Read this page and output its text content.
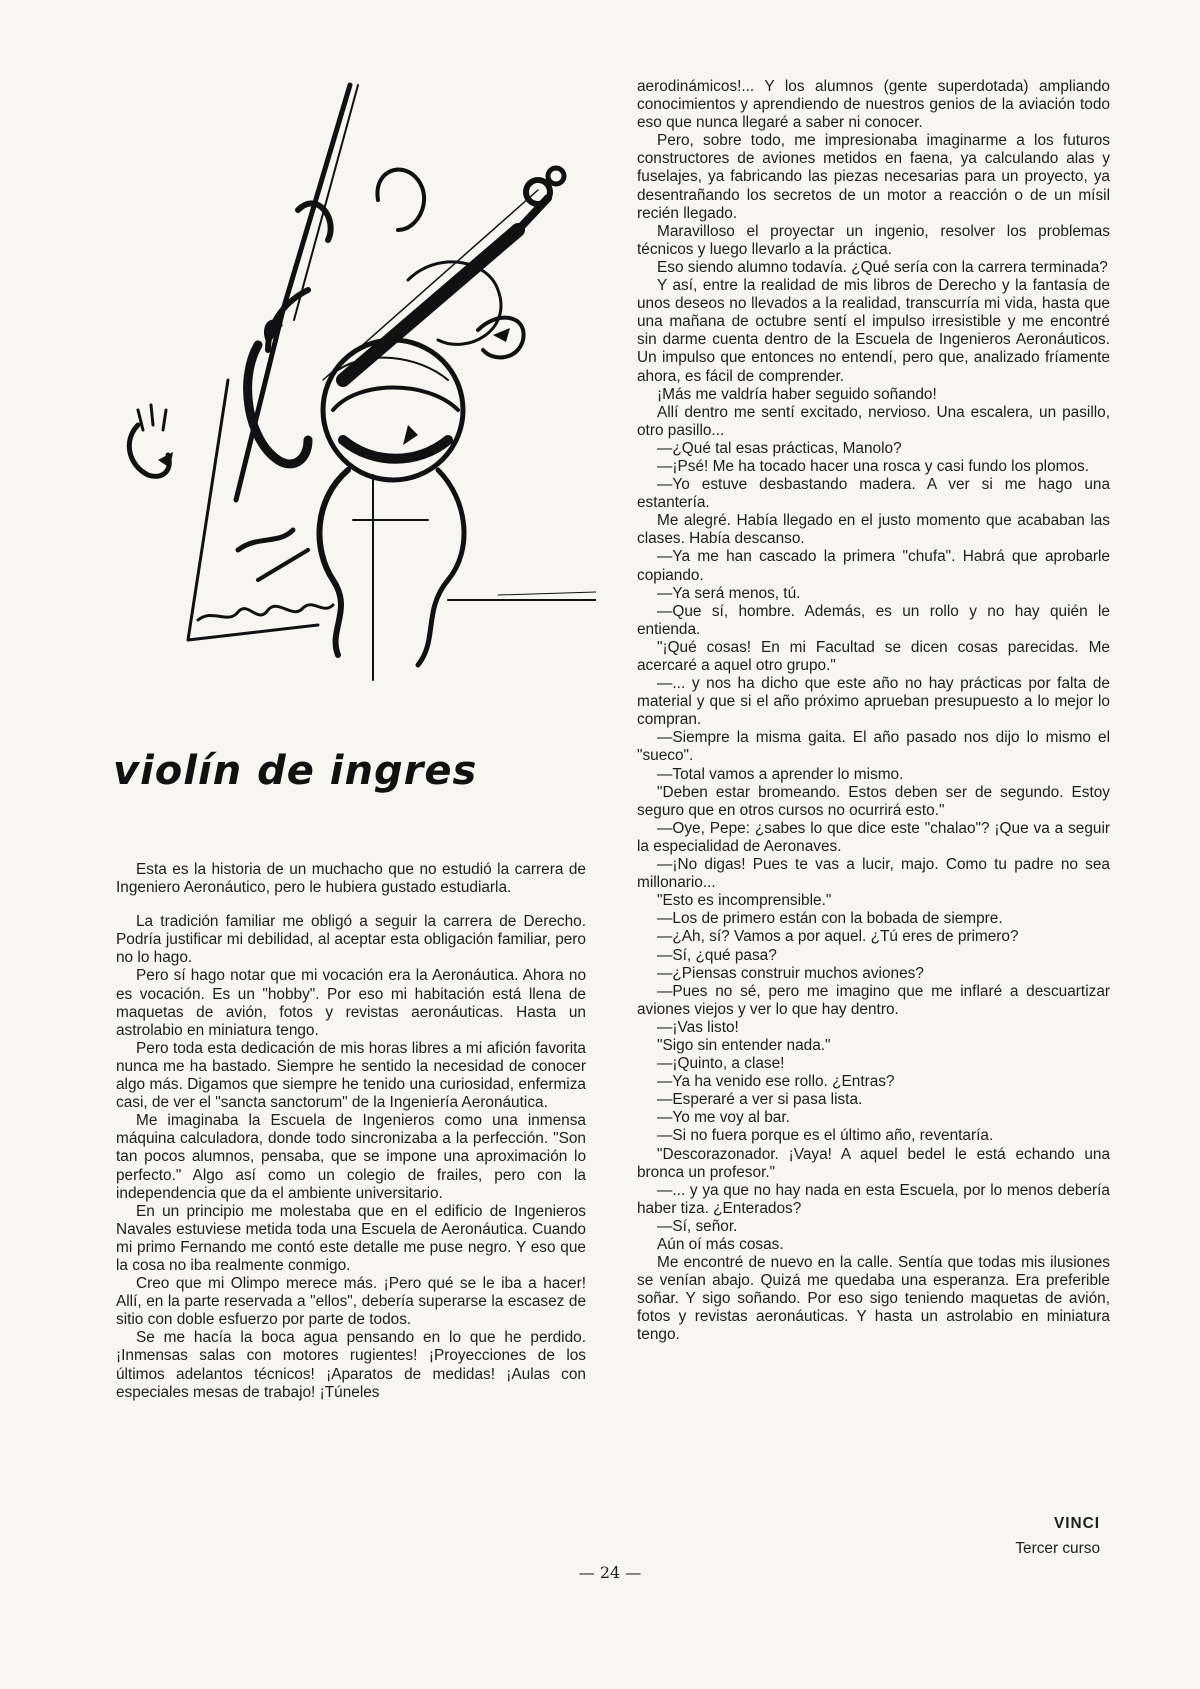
violín de ingres

Esta es la historia de un muchacho que no estudió la carrera de Ingeniero Aeronáutico, pero le hubiera gustado estudiarla.

La tradición familiar me obligó a seguir la carrera de Derecho. Podría justificar mi debilidad, al aceptar esta obligación familiar, pero no lo hago.

Pero sí hago notar que mi vocación era la Aeronáutica. Ahora no es vocación. Es un "hobby". Por eso mi habitación está llena de maquetas de avión, fotos y revistas aeronáuticas. Hasta un astrolabio en miniatura tengo.

Pero toda esta dedicación de mis horas libres a mi afición favorita nunca me ha bastado. Siempre he sentido la necesidad de conocer algo más. Digamos que siempre he tenido una curiosidad, enfermiza casi, de ver el "sancta sanctorum" de la Ingeniería Aeronáutica.

Me imaginaba la Escuela de Ingenieros como una inmensa máquina calculadora, donde todo sincronizaba a la perfección. "Son tan pocos alumnos, pensaba, que se impone una aproximación lo perfecto." Algo así como un colegio de frailes, pero con la independencia que da el ambiente universitario.

En un principio me molestaba que en el edificio de Ingenieros Navales estuviese metida toda una Escuela de Aeronáutica. Cuando mi primo Fernando me contó este detalle me puse negro. Y eso que la cosa no iba realmente conmigo.

Creo que mi Olimpo merece más. ¡Pero qué se le iba a hacer! Allí, en la parte reservada a "ellos", debería superarse la escasez de sitio con doble esfuerzo por parte de todos.

Se me hacía la boca agua pensando en lo que he perdido. ¡Inmensas salas con motores rugientes! ¡Proyecciones de los últimos adelantos técnicos! ¡Aparatos de medidas! ¡Aulas con especiales mesas de trabajo! ¡Túneles

aerodinámicos!... Y los alumnos (gente superdotada) ampliando conocimientos y aprendiendo de nuestros genios de la aviación todo eso que nunca llegaré a saber ni conocer.

Pero, sobre todo, me impresionaba imaginarme a los futuros constructores de aviones metidos en faena, ya calculando alas y fuselajes, ya fabricando las piezas necesarias para un proyecto, ya desentrañando los secretos de un motor a reacción o de un mísil recién llegado.

Maravilloso el proyectar un ingenio, resolver los problemas técnicos y luego llevarlo a la práctica.

Eso siendo alumno todavía. ¿Qué sería con la carrera terminada?

Y así, entre la realidad de mis libros de Derecho y la fantasía de unos deseos no llevados a la realidad, transcurría mi vida, hasta que una mañana de octubre sentí el impulso irresistible y me encontré sin darme cuenta dentro de la Escuela de Ingenieros Aeronáuticos. Un impulso que entonces no entendí, pero que, analizado fríamente ahora, es fácil de comprender.

¡Más me valdría haber seguido soñando!

Allí dentro me sentí excitado, nervioso. Una escalera, un pasillo, otro pasillo...

—¿Qué tal esas prácticas, Manolo?

—¡Psé! Me ha tocado hacer una rosca y casi fundo los plomos.

—Yo estuve desbastando madera. A ver si me hago una estantería.

Me alegré. Había llegado en el justo momento que acababan las clases. Había descanso.

—Ya me han cascado la primera "chufa". Habrá que aprobarle copiando.

—Ya será menos, tú.

—Que sí, hombre. Además, es un rollo y no hay quién le entienda.

"¡Qué cosas! En mi Facultad se dicen cosas parecidas. Me acercaré a aquel otro grupo."

—... y nos ha dicho que este año no hay prácticas por falta de material y que si el año próximo aprueban presupuesto a lo mejor lo compran.

—Siempre la misma gaita. El año pasado nos dijo lo mismo el "sueco".

—Total vamos a aprender lo mismo.

"Deben estar bromeando. Estos deben ser de segundo. Estoy seguro que en otros cursos no ocurrirá esto."

—Oye, Pepe: ¿sabes lo que dice este "chalao"? ¡Que va a seguir la especialidad de Aeronaves.

—¡No digas! Pues te vas a lucir, majo. Como tu padre no sea millonario...

"Esto es incomprensible."

—Los de primero están con la bobada de siempre.

—¿Ah, sí? Vamos a por aquel. ¿Tú eres de primero?

—Sí, ¿qué pasa?

—¿Piensas construir muchos aviones?

—Pues no sé, pero me imagino que me inflaré a descuartizar aviones viejos y ver lo que hay dentro.

—¡Vas listo!

"Sigo sin entender nada."

—¡Quinto, a clase!

—Ya ha venido ese rollo. ¿Entras?

—Esperaré a ver si pasa lista.

—Yo me voy al bar.

—Si no fuera porque es el último año, reventaría.

"Descorazonador. ¡Vaya! A aquel bedel le está echando una bronca un profesor."

—... y ya que no hay nada en esta Escuela, por lo menos debería haber tiza. ¿Enterados?

—Sí, señor.

Aún oí más cosas.

Me encontré de nuevo en la calle. Sentía que todas mis ilusiones se venían abajo. Quizá me quedaba una esperanza. Era preferible soñar. Y sigo soñando. Por eso sigo teniendo maquetas de avión, fotos y revistas aeronáuticas. Y hasta un astrolabio en miniatura tengo.

VINCI
Tercer curso
— 24 —
